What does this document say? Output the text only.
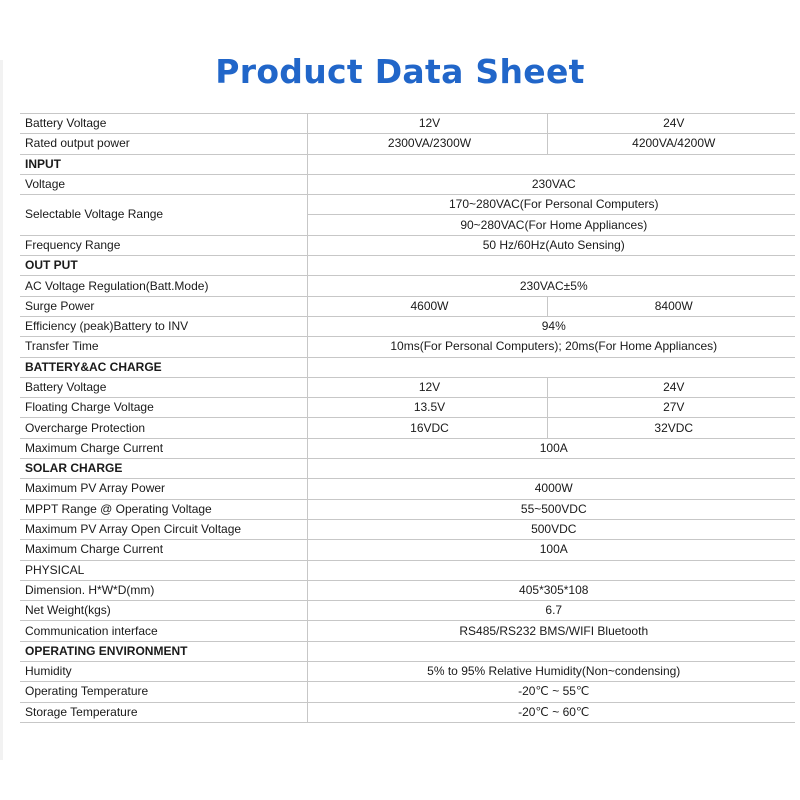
Product Data Sheet
Battery Voltage	12V	24V
Rated output power	2300VA/2300W	4200VA/4200W
INPUT		
Voltage	230VAC	
Selectable Voltage Range	170~280VAC(For Personal Computers)	
	90~280VAC(For Home Appliances)	
Frequency Range	50 Hz/60Hz(Auto Sensing)	
OUT PUT		
AC Voltage Regulation(Batt.Mode)	230VAC±5%	
Surge Power	4600W	8400W
Efficiency (peak)Battery to INV	94%	
Transfer Time	10ms(For Personal Computers); 20ms(For Home Appliances)	
BATTERY&AC CHARGE		
Battery Voltage	12V	24V
Floating Charge Voltage	13.5V	27V
Overcharge Protection	16VDC	32VDC
Maximum Charge Current	100A	
SOLAR CHARGE		
Maximum PV Array Power	4000W	
MPPT Range @ Operating Voltage	55~500VDC	
Maximum PV Array Open Circuit Voltage	500VDC	
Maximum Charge Current	100A	
PHYSICAL		
Dimension. H*W*D(mm)	405*305*108	
Net Weight(kgs)	6.7	
Communication interface	RS485/RS232 BMS/WIFI Bluetooth	
OPERATING ENVIRONMENT		
Humidity	5% to 95% Relative Humidity(Non~condensing)	
Operating Temperature	-20℃ ~ 55℃	
Storage Temperature	-20℃ ~ 60℃	
